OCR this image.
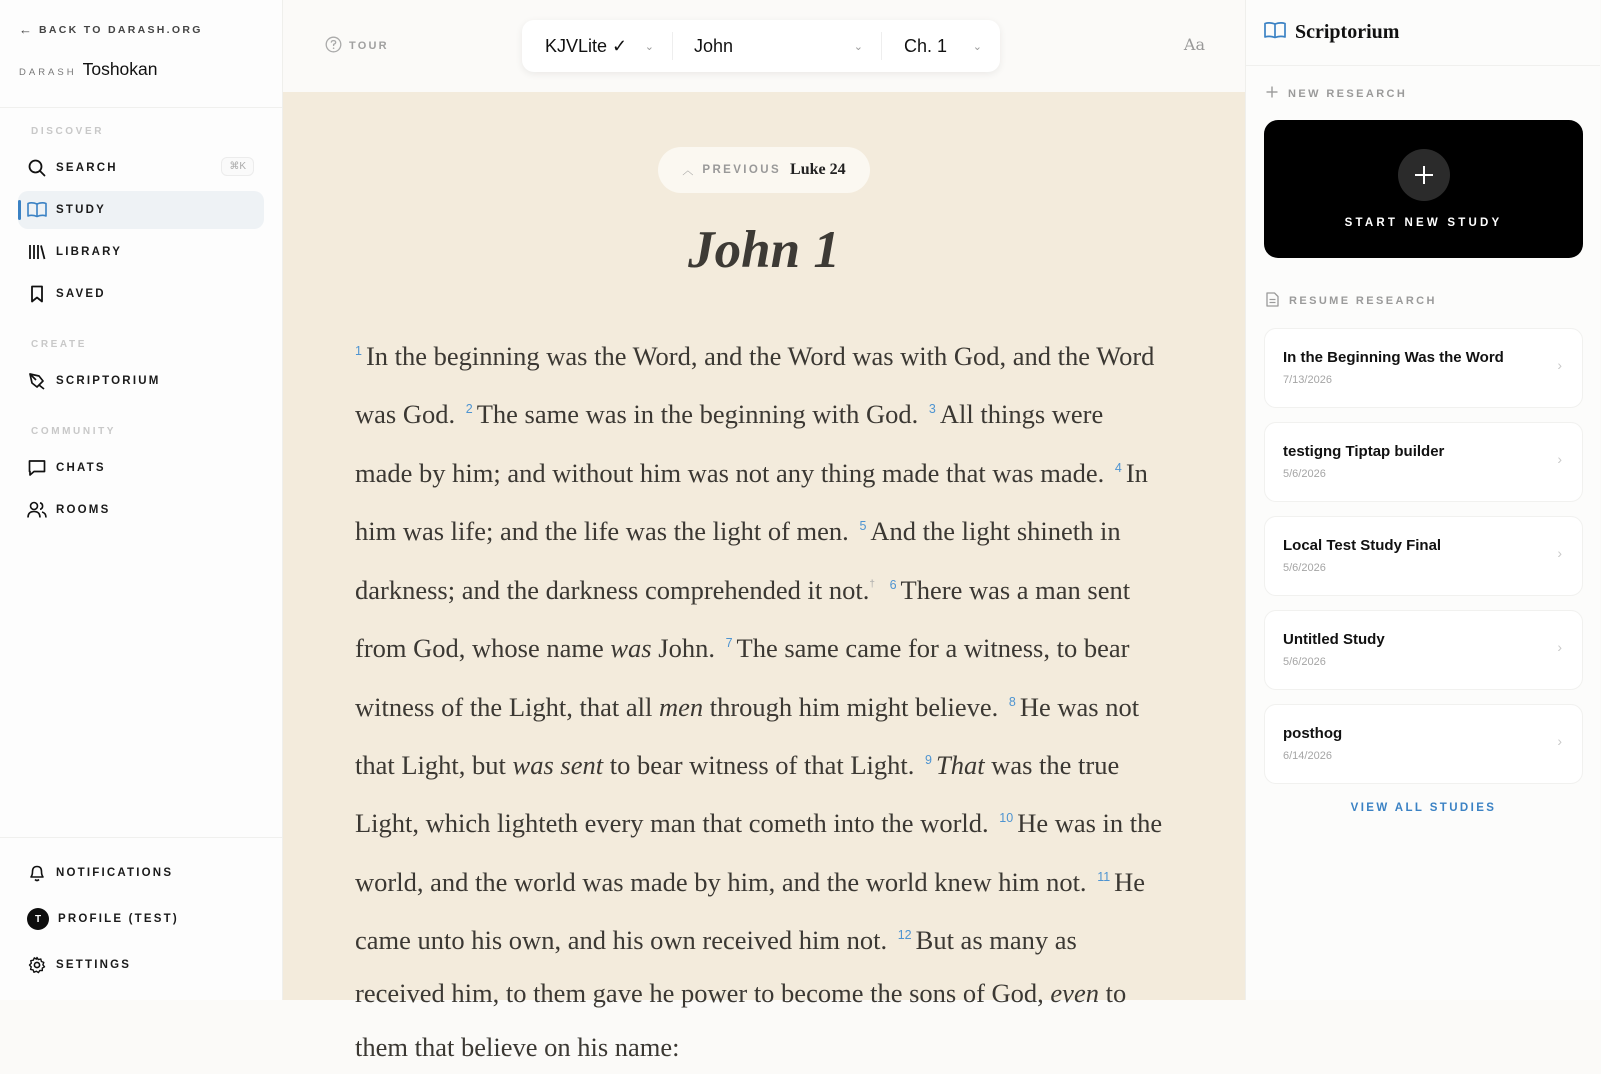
← BACK TO DARASH.ORG
DARASH Toshokan
DISCOVER
SEARCH	⌘K
STUDY
LIBRARY
SAVED
CREATE
SCRIPTORIUM
COMMUNITY
CHATS
ROOMS
NOTIFICATIONS
T	PROFILE (TEST)
SETTINGS
TOUR	KJVLite ✓ ⌄ John	⌄ Ch. 1 ⌄	Aa
︿ PREVIOUS Luke 24
John 1
$^1$ In the beginning was the Word, and the Word was with God, and the Word was God. $^2$ The same was in the beginning with God. $^3$ All things were made by him; and without him was not any thing made that was made. $^4$ In him was life; and the life was the light of men. $^5$ And the light shineth in darkness; and the darkness comprehended it not.† $^6$ There was a man sent from God, whose name was John. $^7$ The same came for a witness, to bear witness of the Light, that all men through him might believe. $^8$ He was not that Light, but was sent to bear witness of that Light. $^9$ That was the true Light, which lighteth every man that cometh into the world. $^{10}$ He was in the world, and the world was made by him, and the world knew him not. $^{11}$ He came unto his own, and his own received him not. $^{12}$ But as many as received him, to them gave he power to become the sons of God, even to them that believe on his name:
Scriptorium
NEW RESEARCH
START NEW STUDY
RESUME RESEARCH
In the Beginning Was the Word
7/13/2026
›
testigng Tiptap builder
5/6/2026
›
Local Test Study Final
5/6/2026
›
Untitled Study
5/6/2026
›
posthog
6/14/2026
›
VIEW ALL STUDIES
